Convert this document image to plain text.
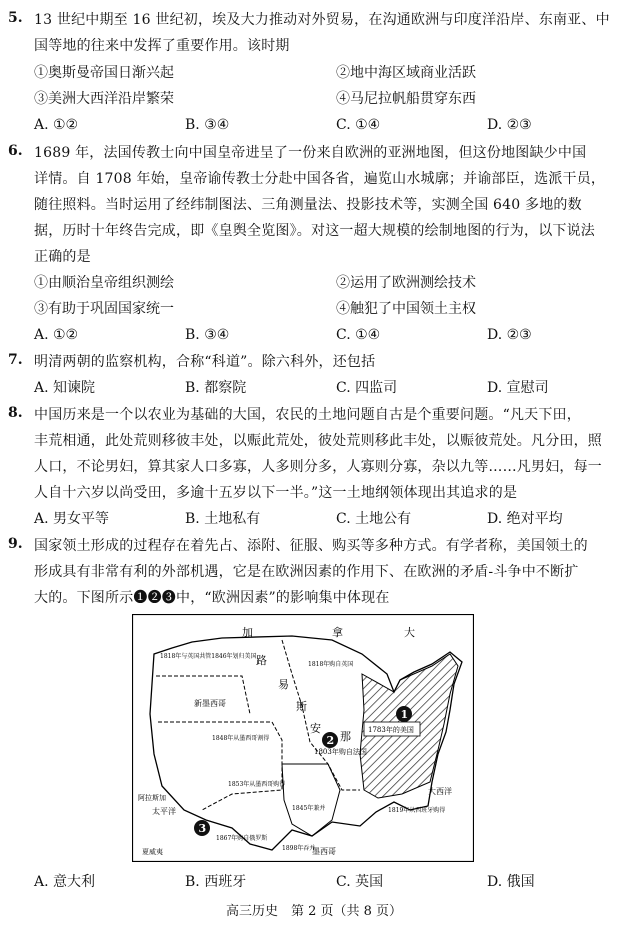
5. 13 世纪中期至 16 世纪初，埃及大力推动对外贸易，在沟通欧洲与印度洋沿岸、东南亚、中
国等地的往来中发挥了重要作用。该时期
①奥斯曼帝国日渐兴起	②地中海区域商业活跃
③美洲大西洋沿岸繁荣	④马尼拉帆船贯穿东西
A. ①②	B. ③④	C. ①④	D. ②③
6. 1689 年，法国传教士向中国皇帝进呈了一份来自欧洲的亚洲地图，但这份地图缺少中国
详情。自 1708 年始，皇帝谕传教士分赴中国各省，遍览山水城廓；并谕部臣，选派干员，
随往照料。当时运用了经纬制图法、三角测量法、投影技术等，实测全国 640 多地的数
据，历时十年终告完成，即《皇舆全览图》。对这一超大规模的绘制地图的行为，以下说法
正确的是
①由顺治皇帝组织测绘	②运用了欧洲测绘技术
③有助于巩固国家统一	④触犯了中国领土主权
A. ①②	B. ③④	C. ①④	D. ②③
7. 明清两朝的监察机构，合称“科道”。除六科外，还包括
A. 知谏院	B. 都察院	C. 四监司	D. 宣慰司
8. 中国历来是一个以农业为基础的大国，农民的土地问题自古是个重要问题。“凡天下田，
丰荒相通，此处荒则移彼丰处，以赈此荒处，彼处荒则移此丰处，以赈彼荒处。凡分田，照
人口，不论男妇，算其家人口多寡，人多则分多，人寡则分寡，杂以九等……凡男妇，每一
人自十六岁以尚受田，多逾十五岁以下一半。”这一土地纲领体现出其追求的是
A. 男女平等	B. 土地私有	C. 土地公有	D. 绝对平均
9. 国家领土形成的过程存在着先占、添附、征服、购买等多种方式。有学者称，美国领土的
形成具有非常有利的外部机遇，它是在欧洲因素的作用下、在欧洲的矛盾-斗争中不断扩
大的。下图所示❶❷❸中，“欧洲因素”的影响集中体现在
加	拿	大
路
易
斯
安
那
1818年与英国共管1846年划归美国
1818年购自英国
新墨西哥
1848年从墨西哥割得
1783年的美国
1803年购自法国
1845年兼并
1853年从墨西哥购得
1819年从西班牙购得
1867年购自俄罗斯
1898年吞并
太平洋
大西洋
墨西哥
阿拉斯加
夏威夷
1
2
3
A. 意大利	B. 西班牙	C. 英国	D. 俄国
高三历史　第 2 页（共 8 页）
